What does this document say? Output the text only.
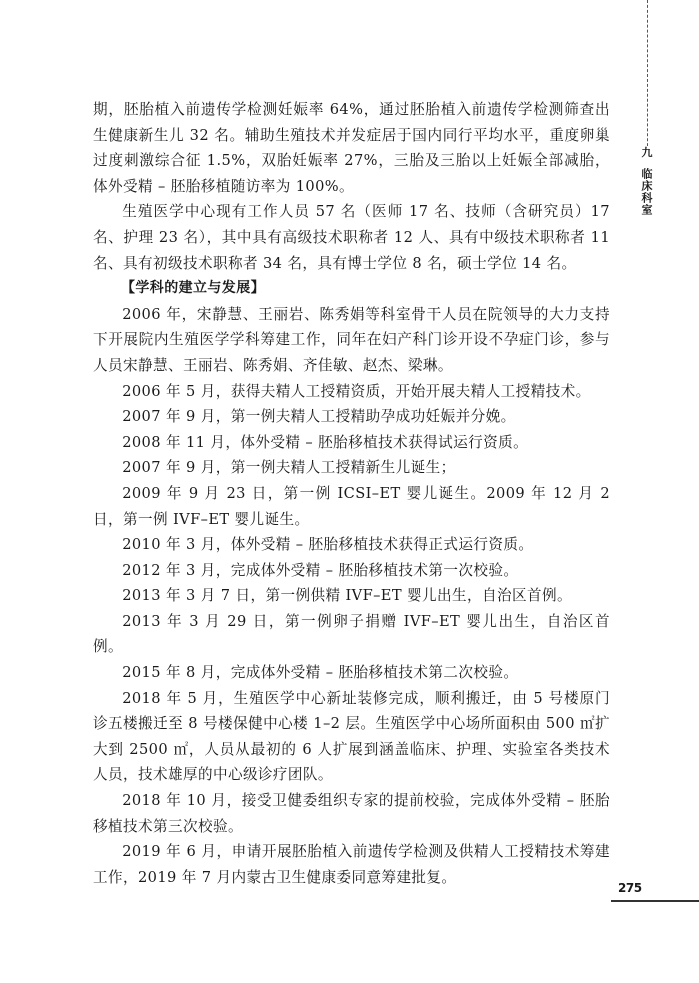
九
临床科室
275

期，胚胎植入前遗传学检测妊娠率 64%，通过胚胎植入前遗传学检测筛查出生健康新生儿 32 名。辅助生殖技术并发症居于国内同行平均水平，重度卵巢过度刺激综合征 1.5%，双胎妊娠率 27%，三胎及三胎以上妊娠全部减胎，体外受精 – 胚胎移植随访率为 100%。

生殖医学中心现有工作人员 57 名（医师 17 名、技师（含研究员）17 名、护理 23 名），其中具有高级技术职称者 12 人、具有中级技术职称者 11 名、具有初级技术职称者 34 名，具有博士学位 8 名，硕士学位 14 名。

【学科的建立与发展】

2006 年，宋静慧、王丽岩、陈秀娟等科室骨干人员在院领导的大力支持下开展院内生殖医学学科筹建工作，同年在妇产科门诊开设不孕症门诊，参与人员宋静慧、王丽岩、陈秀娟、齐佳敏、赵杰、梁琳。

2006 年 5 月，获得夫精人工授精资质，开始开展夫精人工授精技术。

2007 年 9 月，第一例夫精人工授精助孕成功妊娠并分娩。

2008 年 11 月，体外受精 – 胚胎移植技术获得试运行资质。

2007 年 9 月，第一例夫精人工授精新生儿诞生；

2009 年 9 月 23 日，第一例 ICSI–ET 婴儿诞生。2009 年 12 月 2 日，第一例 IVF–ET 婴儿诞生。

2010 年 3 月，体外受精 – 胚胎移植技术获得正式运行资质。

2012 年 3 月，完成体外受精 – 胚胎移植技术第一次校验。

2013 年 3 月 7 日，第一例供精 IVF–ET 婴儿出生，自治区首例。

2013 年 3 月 29 日，第一例卵子捐赠 IVF–ET 婴儿出生，自治区首例。

2015 年 8 月，完成体外受精 – 胚胎移植技术第二次校验。

2018 年 5 月，生殖医学中心新址装修完成，顺利搬迁，由 5 号楼原门诊五楼搬迁至 8 号楼保健中心楼 1–2 层。生殖医学中心场所面积由 500 ㎡扩大到 2500 ㎡，人员从最初的 6 人扩展到涵盖临床、护理、实验室各类技术人员，技术雄厚的中心级诊疗团队。

2018 年 10 月，接受卫健委组织专家的提前校验，完成体外受精 – 胚胎移植技术第三次校验。

2019 年 6 月，申请开展胚胎植入前遗传学检测及供精人工授精技术筹建工作，2019 年 7 月内蒙古卫生健康委同意筹建批复。
